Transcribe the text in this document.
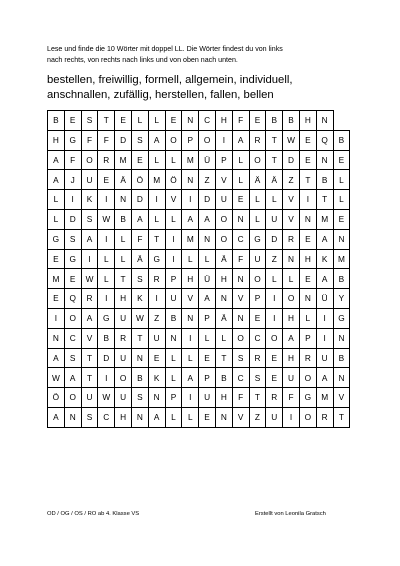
Lese und finde die 10 Wörter mit doppel LL. Die Wörter findest du von links
nach rechts, von rechts nach links und von oben nach unten.
bestellen, freiwillig, formell, allgemein, individuell,
anschnallen, zufällig, herstellen, fallen, bellen
B	E	S	T	E	L	L	E	N	C	H	F	E	B	B	H	N	
H	G	F	F	D	S	A	O	P	O	I	A	R	T	W	E	Q	B
A	F	O	R	M	E	L	L	M	Ü	P	L	O	T	D	E	N	E
A	J	U	E	Ä	Ö	M	Ö	N	Z	V	L	Ä	Ä	Z	T	B	L
L	I	K	I	N	D	I	V	I	D	U	E	L	L	V	I	T	L
L	D	S	W	B	A	L	L	A	A	O	N	L	U	V	N	M	E
G	S	A	I	L	F	T	I	M	N	O	C	G	D	R	E	A	N
E	G	I	L	L	Ä	G	I	L	L	Ä	F	U	Z	N	H	K	M
M	E	W	L	T	S	R	P	H	Ü	H	N	O	L	L	E	A	B
E	Q	R	I	H	K	I	U	V	A	N	V	P	I	O	N	Ü	Y
I	O	A	G	U	W	Z	B	N	P	Ä	N	E	I	H	L	I	G
N	C	V	B	R	T	U	N	I	L	L	O	C	O	A	P	I	N
A	S	T	D	U	N	E	L	L	E	T	S	R	E	H	R	U	B
W	A	T	I	O	B	K	L	A	P	B	C	S	E	U	O	A	N
Ö	O	U	W	U	S	N	P	I	U	H	F	T	R	F	G	M	V
A	N	S	C	H	N	A	L	L	E	N	V	Z	U	I	O	R	T
OD / OG / OS / RO ab 4. Klasse VS	Erstellt von Leonila Gratsch
